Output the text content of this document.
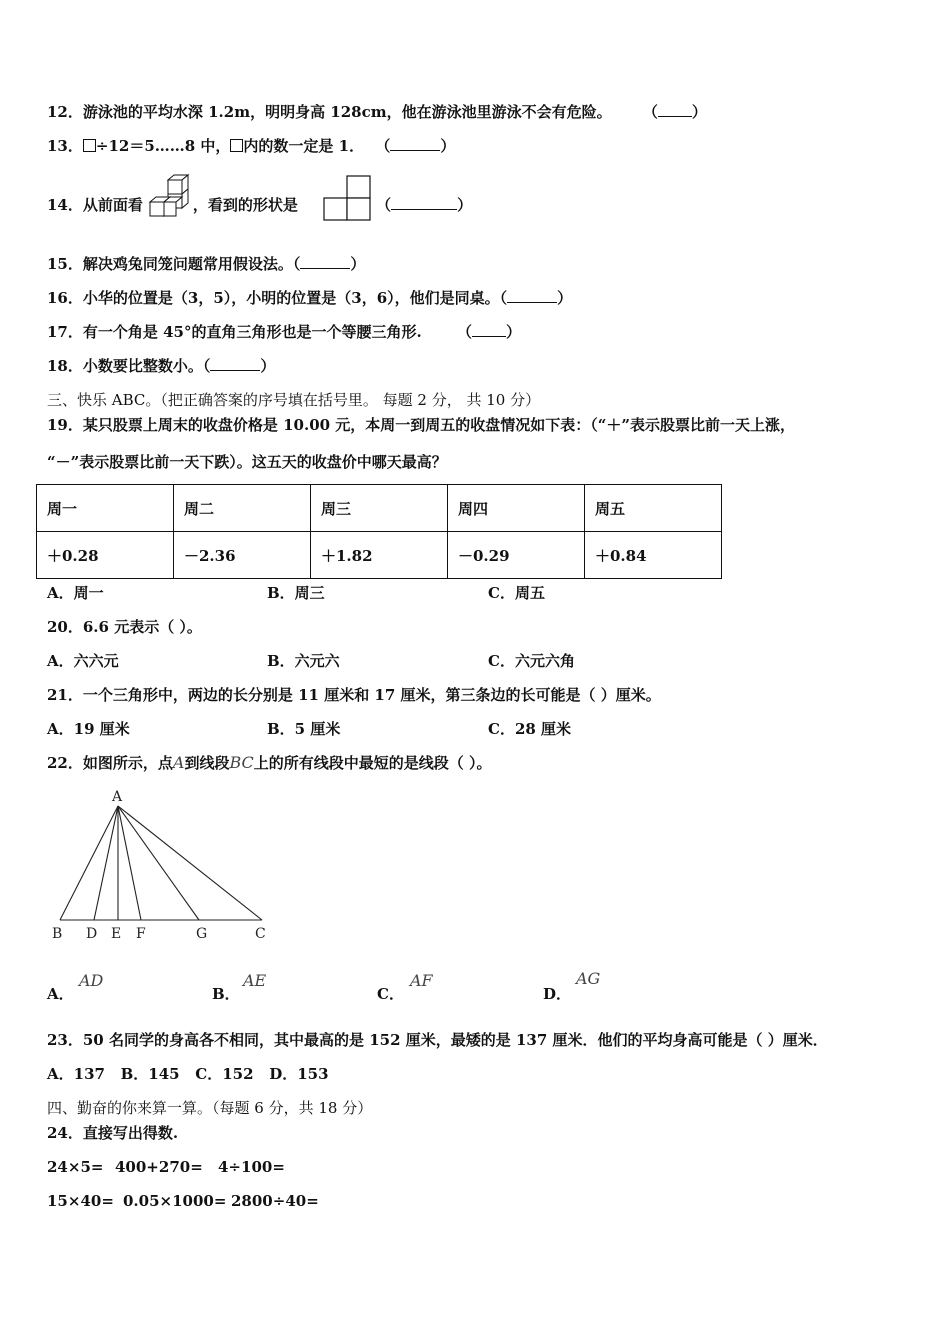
12．游泳池的平均水深 1.2m，明明身高 128cm，他在游泳池里游泳不会有危险。 （ ）
13． ÷12＝5……8 中， 内的数一定是 1． （	）
14．从前面看	，看到的形状是	（	）
15．解决鸡兔同笼问题常用假设法。（	）
16．小华的位置是（3，5），小明的位置是（3，6），他们是同桌。（	）
17．有一个角是 45°的直角三角形也是一个等腰三角形. （ ）
18．小数要比整数小。（	）
三、快乐 ABC。（把正确答案的序号填在括号里。 每题 2 分， 共 10 分）
19．某只股票上周末的收盘价格是 10.00 元，本周一到周五的收盘情况如下表：（“＋”表示股票比前一天上涨，
“－”表示股票比前一天下跌）。这五天的收盘价中哪天最高？
周一	周二	周三	周四	周五
＋0.28	－2.36	＋1.82	－0.29	＋0.84
A．周一	B．周三	C．周五
20．6.6 元表示（ ）。
A．六六元	B．六元六	C．六元六角
21．一个三角形中，两边的长分别是 11 厘米和 17 厘米，第三条边的长可能是（ ）厘米。
A．19 厘米	B．5 厘米	C．28 厘米
22．如图所示，点A到线段BC上的所有线段中最短的是线段（ ）。
A
B D E F	G	C
A．
AD
B．
AE
C．
AF
D．
AG
23．50 名同学的身高各不相同，其中最高的是 152 厘米，最矮的是 137 厘米．他们的平均身高可能是（ ）厘米．
A．137   B．145   C．152   D．153
四、勤奋的你来算一算。（每题 6 分，共 18 分）
24．直接写出得数.
24×5= 400+270= 4÷100=
15×40= 0.05×1000= 2800÷40=
